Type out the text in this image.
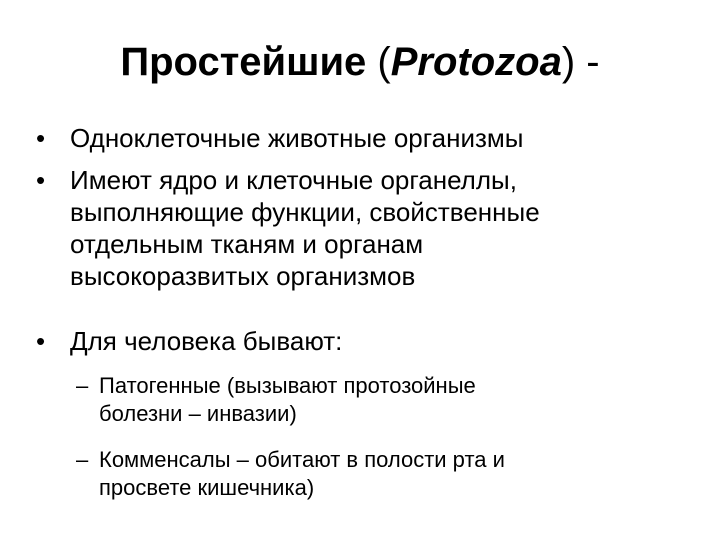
Простейшие (Protozoa) -
• Одноклеточные животные организмы
• Имеют ядро и клеточные органеллы,
выполняющие функции, свойственные
отдельным тканям и органам
высокоразвитых организмов
• Для человека бывают:
– Патогенные (вызывают протозойные
болезни – инвазии)
– Комменсалы – обитают в полости рта и
просвете кишечника)
